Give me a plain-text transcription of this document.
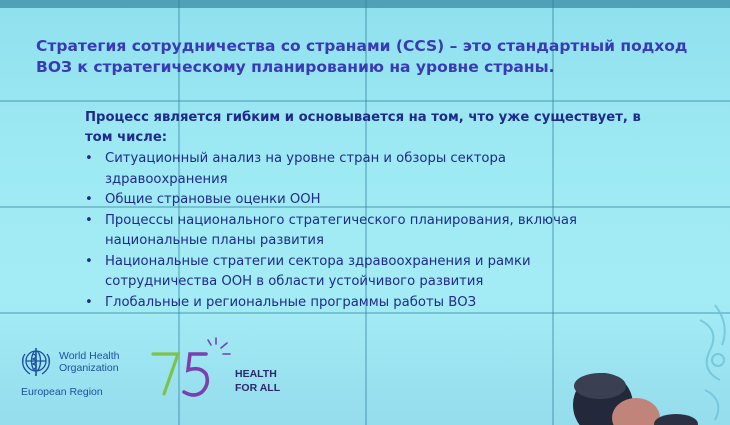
Стратегия сотрудничества со странами (CCS) – это стандартный подход
ВОЗ к стратегическому планированию на уровне страны.
Процесс является гибким и основывается на том, что уже существует, в
том числе:
• Ситуационный анализ на уровне стран и обзоры сектора
здравоохранения
• Общие страновые оценки ООН
• Процессы национального стратегического планирования, включая
национальные планы развития
• Национальные стратегии сектора здравоохранения и рамки
сотрудничества ООН в области устойчивого развития
• Глобальные и региональные программы работы ВОЗ
World Health
Organization
European Region
HEALTH
FOR ALL
